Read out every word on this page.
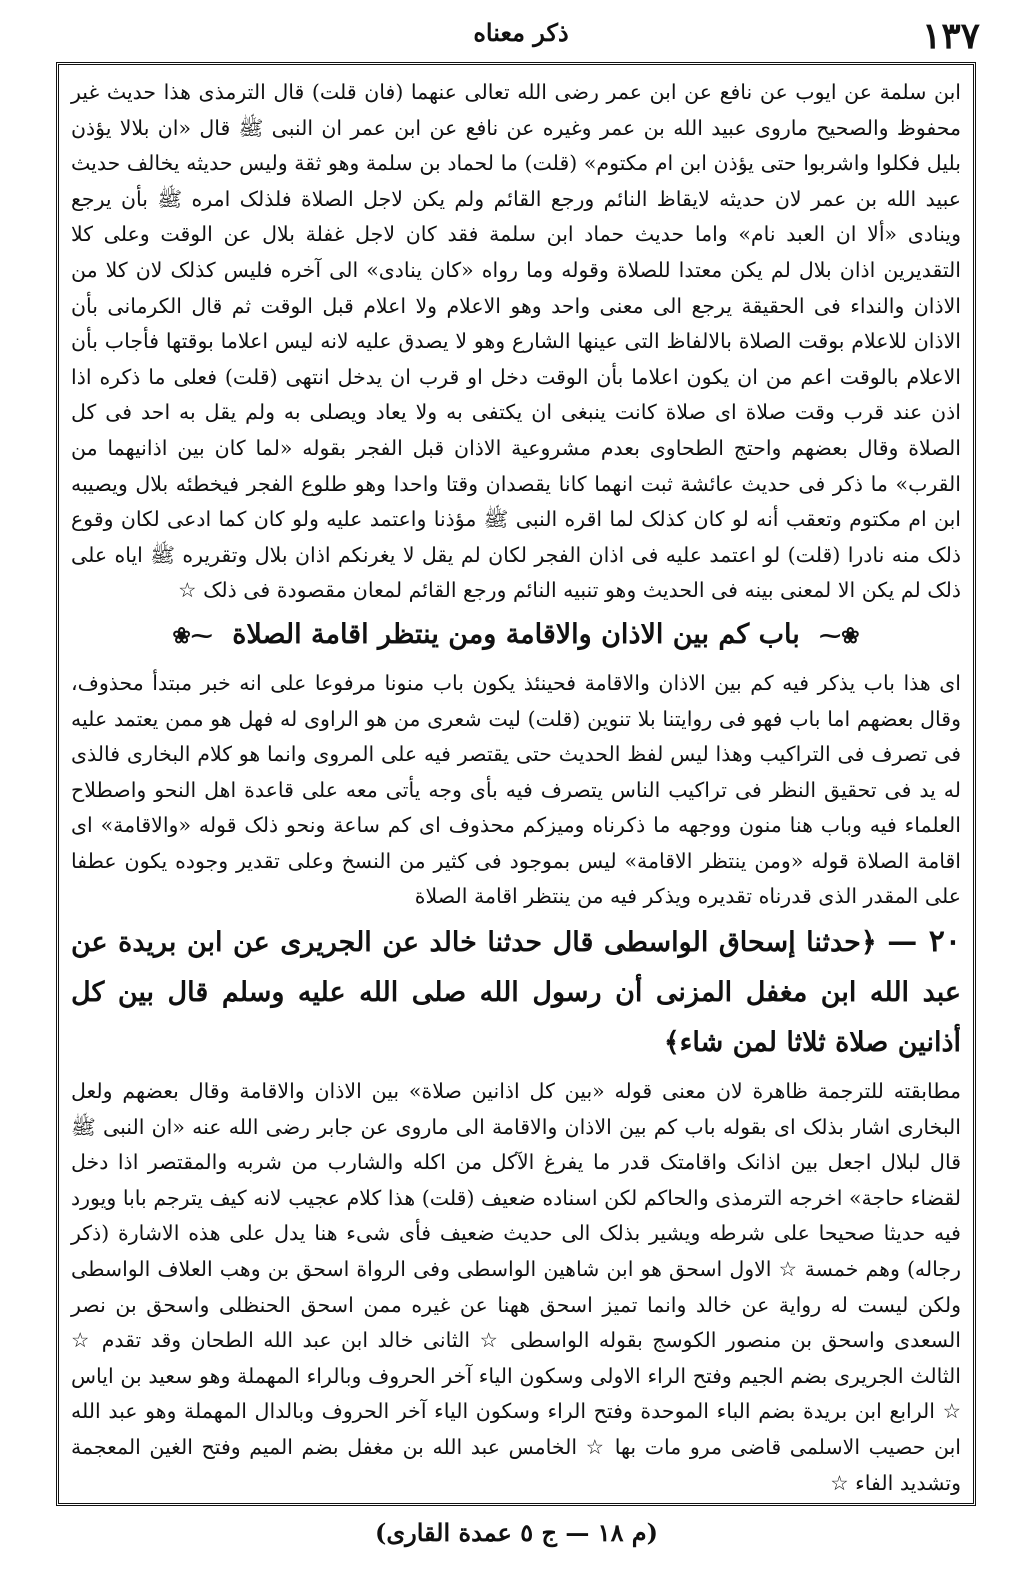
١٣٧
ذكر معناه

ابن سلمة عن ايوب عن نافع عن ابن عمر رضی الله تعالی عنهما (فان قلت) قال الترمذی هذا حدیث غیر محفوظ والصحیح ماروی عبید الله بن عمر وغیره عن نافع عن ابن عمر ان النبی ﷺ قال «ان بلالا یؤذن بلیل فکلوا واشربوا حتی یؤذن ابن ام مکتوم» (قلت) ما لحماد بن سلمة وهو ثقة ولیس حدیثه یخالف حدیث عبید الله بن عمر لان حدیثه لایقاظ النائم ورجع القائم ولم یکن لاجل الصلاة فلذلک امره ﷺ بأن یرجع وینادی «ألا ان العبد نام» واما حدیث حماد ابن سلمة فقد کان لاجل غفلة بلال عن الوقت وعلی کلا التقدیرین اذان بلال لم یکن معتدا للصلاة وقوله وما رواه «کان ینادی» الی آخره فلیس کذلک لان کلا من الاذان والنداء فی الحقیقة یرجع الی معنی واحد وهو الاعلام ولا اعلام قبل الوقت ثم قال الکرمانی بأن الاذان للاعلام بوقت الصلاة بالالفاظ التی عینها الشارع وهو لا یصدق علیه لانه لیس اعلاما بوقتها فأجاب بأن الاعلام بالوقت اعم من ان یکون اعلاما بأن الوقت دخل او قرب ان یدخل انتهی (قلت) فعلی ما ذکره اذا اذن عند قرب وقت صلاة ای صلاة کانت ینبغی ان یکتفی به ولا یعاد ویصلی به ولم یقل به احد فی کل الصلاة وقال بعضهم واحتج الطحاوی بعدم مشروعیة الاذان قبل الفجر بقوله «لما کان بین اذانیهما من القرب» ما ذکر فی حدیث عائشة ثبت انهما کانا یقصدان وقتا واحدا وهو طلوع الفجر فیخطئه بلال ویصیبه ابن ام مکتوم وتعقب أنه لو کان کذلک لما اقره النبی ﷺ مؤذنا واعتمد علیه ولو کان کما ادعی لکان وقوع ذلک منه نادرا (قلت) لو اعتمد علیه فی اذان الفجر لکان لم یقل لا یغرنکم اذان بلال وتقریره ﷺ ایاه علی ذلک لم یکن الا لمعنی بینه فی الحدیث وهو تنبیه النائم ورجع القائم لمعان مقصودة فی ذلک ☆

❀⁓ باب کم بین الاذان والاقامة ومن ینتظر اقامة الصلاة ⁓❀

ای هذا باب یذکر فیه کم بین الاذان والاقامة فحینئذ یکون باب منونا مرفوعا علی انه خبر مبتدأ محذوف، وقال بعضهم اما باب فهو فی روایتنا بلا تنوین (قلت) لیت شعری من هو الراوی له فهل هو ممن یعتمد علیه فی تصرف فی التراکیب وهذا لیس لفظ الحدیث حتی یقتصر فیه علی المروی وانما هو کلام البخاری فالذی له ید فی تحقیق النظر فی تراکیب الناس یتصرف فیه بأی وجه یأتی معه علی قاعدة اهل النحو واصطلاح العلماء فیه وباب هنا منون ووجهه ما ذکرناه ومیزکم محذوف ای کم ساعة ونحو ذلک قوله «والاقامة» ای اقامة الصلاة قوله «ومن ینتظر الاقامة» لیس بموجود فی کثیر من النسخ وعلی تقدیر وجوده یکون عطفا علی المقدر الذی قدرناه تقدیره ویذکر فیه من ینتظر اقامة الصلاة

٢٠ — ﴿حدثنا إسحاق الواسطی قال حدثنا خالد عن الجریری عن ابن بریدة عن عبد الله ابن مغفل المزنی أن رسول الله صلی الله علیه وسلم قال بین کل أذانین صلاة ثلاثا لمن شاء﴾

مطابقته للترجمة ظاهرة لان معنی قوله «بین کل اذانین صلاة» بین الاذان والاقامة وقال بعضهم ولعل البخاری اشار بذلک ای بقوله باب کم بین الاذان والاقامة الی ماروی عن جابر رضی الله عنه «ان النبی ﷺ قال لبلال اجعل بین اذانک واقامتک قدر ما یفرغ الآکل من اکله والشارب من شربه والمقتصر اذا دخل لقضاء حاجة» اخرجه الترمذی والحاکم لکن اسناده ضعیف (قلت) هذا کلام عجیب لانه کیف یترجم بابا ویورد فیه حدیثا صحیحا علی شرطه ویشیر بذلک الی حدیث ضعیف فأی شیء هنا یدل علی هذه الاشارة (ذکر رجاله) وهم خمسة ☆ الاول اسحق هو ابن شاهین الواسطی وفی الرواة اسحق بن وهب العلاف الواسطی ولکن لیست له روایة عن خالد وانما تمیز اسحق ههنا عن غیره ممن اسحق الحنظلی واسحق بن نصر السعدی واسحق بن منصور الکوسج بقوله الواسطی ☆ الثانی خالد ابن عبد الله الطحان وقد تقدم ☆ الثالث الجریری بضم الجیم وفتح الراء الاولی وسکون الیاء آخر الحروف وبالراء المهملة وهو سعید بن ایاس ☆ الرابع ابن بریدة بضم الباء الموحدة وفتح الراء وسکون الیاء آخر الحروف وبالدال المهملة وهو عبد الله ابن حصیب الاسلمی قاضی مرو مات بها ☆ الخامس عبد الله بن مغفل بضم المیم وفتح الغین المعجمة وتشدید الفاء ☆

(م ١٨ — ج ٥ عمدة القاری)
